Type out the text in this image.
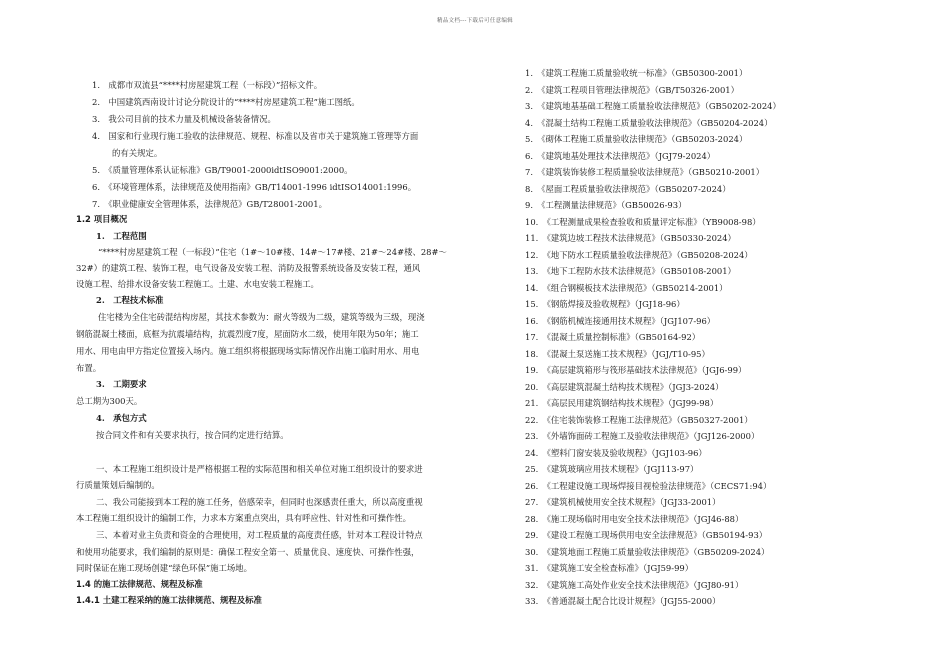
精品文档---下载后可任意编辑
1.　成都市双流县“****村房屋建筑工程（一标段）”招标文件。
2.　中国建筑西南设计讨论分院设计的“****村房屋建筑工程”施工图纸。
3.　我公司目前的技术力量及机械设备装备情况。
4.　国家和行业现行施工验收的法律规范、规程、标准以及省市关于建筑施工管理等方面
的有关规定。
5.　《质量管理体系认证标准》GB/T9001-2000idtISO9001:2000。
6.　《环境管理体系，法律规范及使用指南》GB/T14001-1996 idtISO14001:1996。
7.　《职业健康安全管理体系，法律规范》GB/T28001-2001。
1.2 项目概况
1.　工程范围
“****村房屋建筑工程（一标段）”住宅（1#～10#楼、14#～17#楼、21#～24#楼、28#～
32#）的建筑工程、装饰工程，电气设备及安装工程、消防及报警系统设备及安装工程，通风
设施工程、给排水设备安装工程施工。土建、水电安装工程施工。
2.　工程技术标准
住宅楼为全住宅砖混结构房屋，其技术参数为：耐火等级为二级，建筑等级为三级，现浇
钢筋混凝土楼面，底框为抗震墙结构，抗震烈度7度，屋面防水二级，使用年限为50年；施工
用水、用电由甲方指定位置接入场内。施工组织将根据现场实际情况作出施工临时用水、用电
布置。
3.　工期要求
总工期为300天。
4.　承包方式
按合同文件和有关要求执行，按合同约定进行结算。
一、本工程施工组织设计是严格根据工程的实际范围和相关单位对施工组织设计的要求进
行质量策划后编制的。
二、我公司能接到本工程的施工任务，倍感荣幸，但同时也深感责任重大，所以高度重视
本工程施工组织设计的编制工作，力求本方案重点突出，具有呼应性、针对性和可操作性。
三、本着对业主负责和资金的合理使用，对工程质量的高度责任感，针对本工程设计特点
和使用功能要求，我们编制的原则是：确保工程安全第一、质量优良、速度快、可操作性强，
同时保证在施工现场创建“绿色环保”施工场地。
1.4 的施工法律规范、规程及标准
1.4.1 土建工程采纳的施工法律规范、规程及标准
1.　《建筑工程施工质量验收统一标准》（GB50300-2001）
2.　《建筑工程项目管理法律规范》（GB/T50326-2001）
3.　《建筑地基基础工程施工质量验收法律规范》（GB50202-2024）
4.　《混凝土结构工程施工质量验收法律规范》（GB50204-2024）
5.　《砌体工程施工质量验收法律规范》（GB50203-2024）
6.　《建筑地基处理技术法律规范》（JGJ79-2024）
7.　《建筑装饰装修工程质量验收法律规范》（GB50210-2001）
8.　《屋面工程质量验收法律规范》（GB50207-2024）
9.　《工程测量法律规范》（GB50026-93）
10.　《工程测量成果检查验收和质量评定标准》（YB9008-98）
11.　《建筑边坡工程技术法律规范》（GB50330-2024）
12.　《地下防水工程质量验收法律规范》（GB50208-2024）
13.　《地下工程防水技术法律规范》（GB50108-2001）
14.　《组合钢模板技术法律规范》（GB50214-2001）
15.　《钢筋焊接及验收规程》（JGJ18-96）
16.　《钢筋机械连接通用技术规程》（JGJ107-96）
17.　《混凝土质量控制标准》（GB50164-92）
18.　《混凝土泵送施工技术规程》（JGJ/T10-95）
19.　《高层建筑箱形与筏形基础技术法律规范》（JGJ6-99）
20.　《高层建筑混凝土结构技术规程》（JGJ3-2024）
21.　《高层民用建筑钢结构技术规程》（JGJ99-98）
22.　《住宅装饰装修工程施工法律规范》（GB50327-2001）
23.　《外墙饰面砖工程施工及验收法律规范》（JGJ126-2000）
24.　《塑料门窗安装及验收规程》（JGJ103-96）
25.　《建筑玻璃应用技术规程》（JGJ113-97）
26.　《工程建设施工现场焊接目视检验法律规范》（CECS71:94）
27.　《建筑机械使用安全技术规程》（JGJ33-2001）
28.　《施工现场临时用电安全技术法律规范》（JGJ46-88）
29.　《建设工程施工现场供用电安全法律规范》（GB50194-93）
30.　《建筑地面工程施工质量验收法律规范》（GB50209-2024）
31.　《建筑施工安全检查标准》（JGJ59-99）
32.　《建筑施工高处作业安全技术法律规范》（JGJ80-91）
33.　《普通混凝土配合比设计规程》（JGJ55-2000）
